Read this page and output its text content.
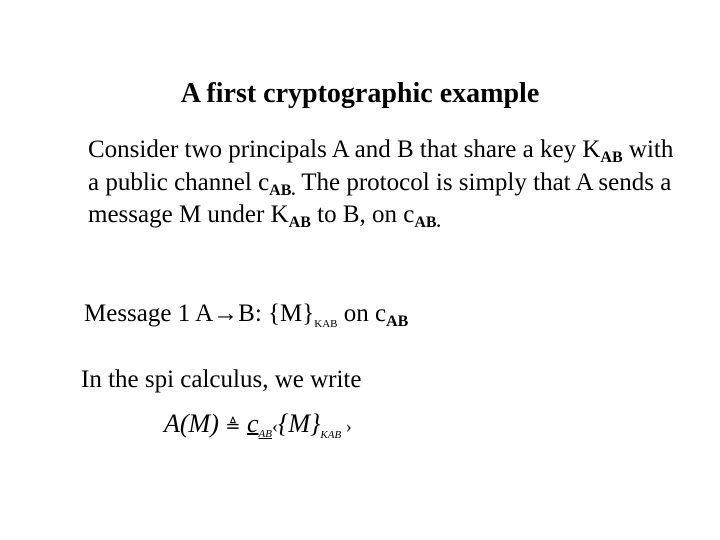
A first cryptographic example

Consider two principals A and B that share a key $K_{AB}$ with a public channel $c_{AB.}$ The protocol is simply that A sends a message M under $K_{AB}$ to B, on $c_{AB.}$

Message 1 A→B: $\{M\}_{KAB}$ on $c_{AB}$
In the spi calculus, we write
A(M) ≜ $cAB‹\{M\}_{KAB}$ ›
